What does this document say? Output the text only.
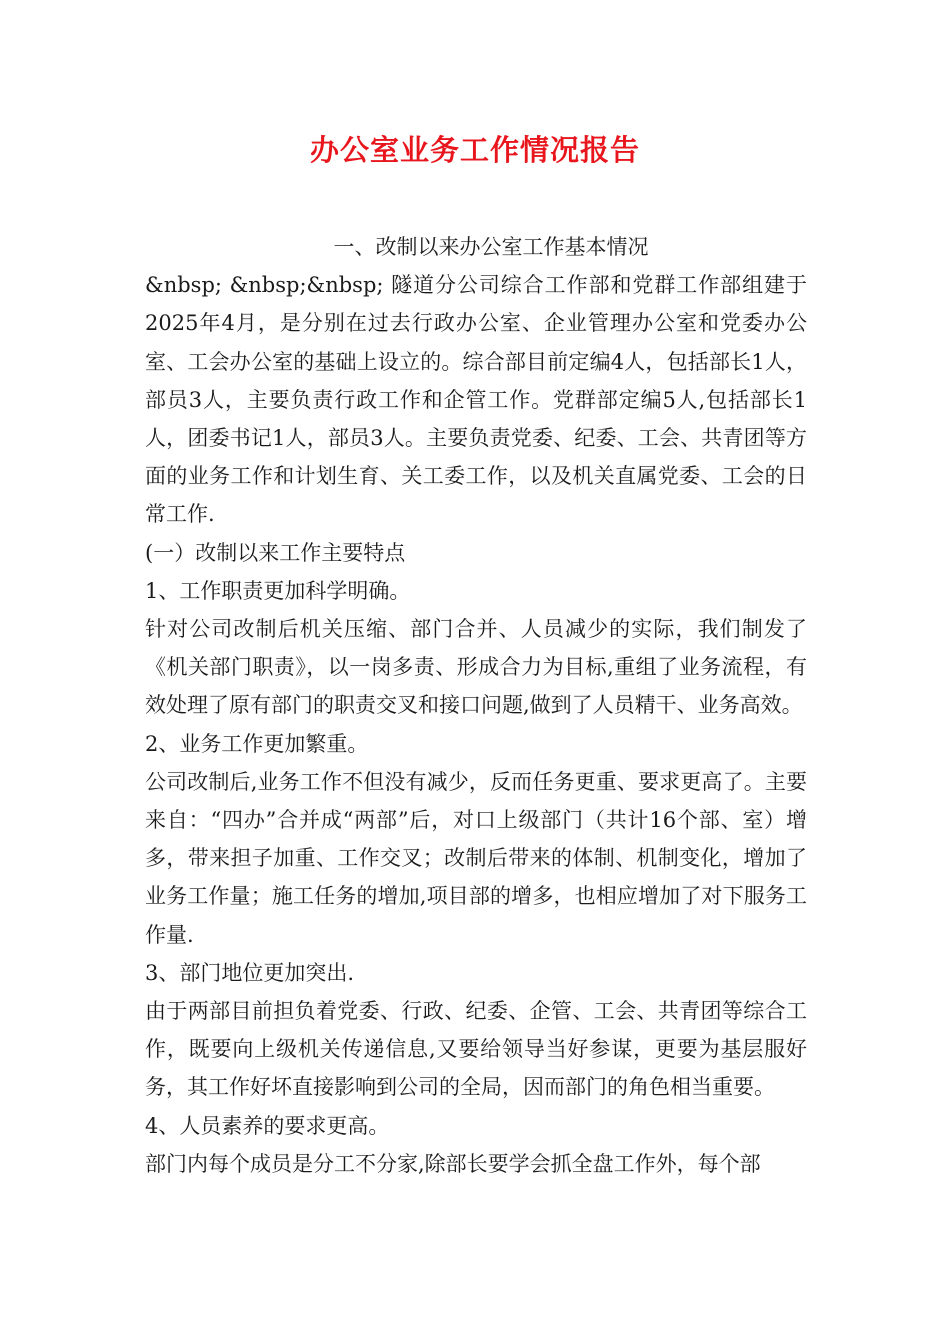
办公室业务工作情况报告

一、改制以来办公室工作基本情况

&nbsp; &nbsp;&nbsp; 隧道分公司综合工作部和党群工作部组建于2025年4月，是分别在过去行政办公室、企业管理办公室和党委办公室、工会办公室的基础上设立的。综合部目前定编4人，包括部长1人，部员3人，主要负责行政工作和企管工作。党群部定编5人,包括部长1人，团委书记1人，部员3人。主要负责党委、纪委、工会、共青团等方面的业务工作和计划生育、关工委工作，以及机关直属党委、工会的日常工作.

(一）改制以来工作主要特点

1、工作职责更加科学明确。

针对公司改制后机关压缩、部门合并、人员减少的实际，我们制发了《机关部门职责》，以一岗多责、形成合力为目标,重组了业务流程，有效处理了原有部门的职责交叉和接口问题,做到了人员精干、业务高效。

2、业务工作更加繁重。

公司改制后,业务工作不但没有减少，反而任务更重、要求更高了。主要来自：“四办”合并成“两部”后，对口上级部门（共计16个部、室）增多，带来担子加重、工作交叉；改制后带来的体制、机制变化，增加了业务工作量；施工任务的增加,项目部的增多，也相应增加了对下服务工作量.

3、部门地位更加突出.

由于两部目前担负着党委、行政、纪委、企管、工会、共青团等综合工作，既要向上级机关传递信息,又要给领导当好参谋，更要为基层服好务，其工作好坏直接影响到公司的全局，因而部门的角色相当重要。

4、人员素养的要求更高。

部门内每个成员是分工不分家,除部长要学会抓全盘工作外，每个部
